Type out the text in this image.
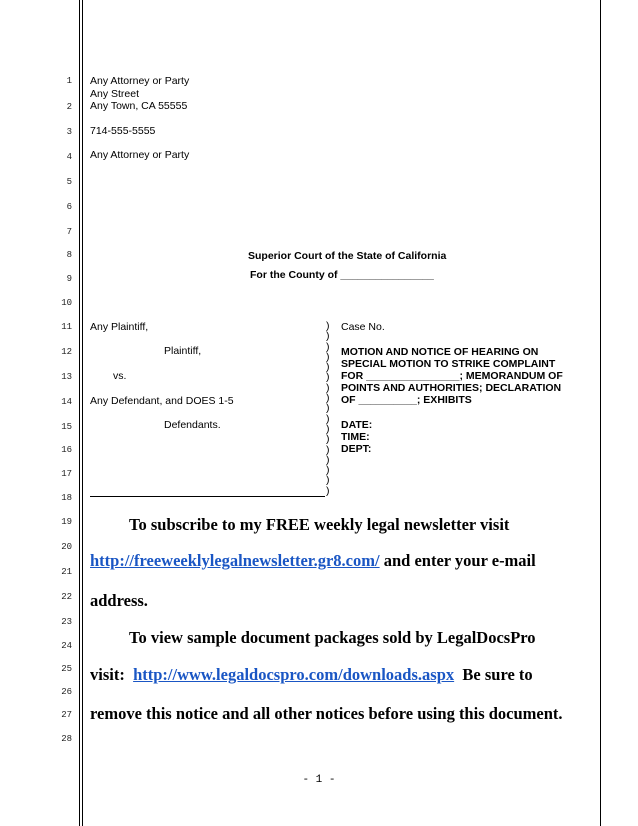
1
2
3
4
5
6
7
8
9
10
11
12
13
14
15
16
17
18
19
20
21
22
23
24
25
26
27
28
Any Attorney or Party
Any Street
Any Town, CA 55555
714-555-5555
Any Attorney or Party
Superior Court of the State of California
For the County of ________________
Any Plaintiff,
Plaintiff,
vs.
Any Defendant, and DOES 1-5
Defendants.
)
)
)
)
)
)
)
)
)
)
)
)
)
)
)
)
)
Case No.
MOTION AND NOTICE OF HEARING ON
SPECIAL MOTION TO STRIKE COMPLAINT
FOR ________________; MEMORANDUM OF
POINTS AND AUTHORITIES; DECLARATION
OF __________; EXHIBITS
DATE:
TIME:
DEPT:
To subscribe to my FREE weekly legal newsletter visit
http://freeweeklylegalnewsletter.gr8.com/ and enter your e-mail
address.
To view sample document packages sold by LegalDocsPro
visit:  http://www.legaldocspro.com/downloads.aspx  Be sure to
remove this notice and all other notices before using this document.
- 1 -
